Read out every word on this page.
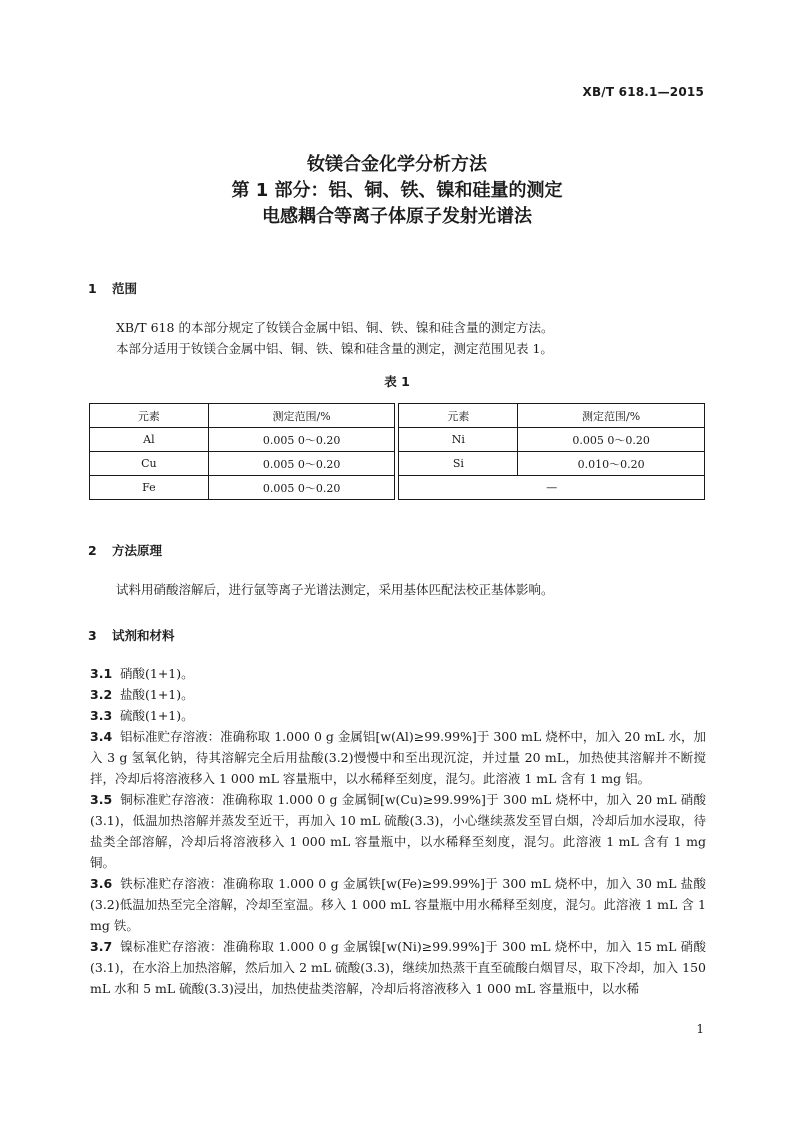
XB/T 618.1—2015

钕镁合金化学分析方法

第 1 部分：铝、铜、铁、镍和硅量的测定

电感耦合等离子体原子发射光谱法

1 范围
XB/T 618 的本部分规定了钕镁合金属中铝、铜、铁、镍和硅含量的测定方法。
本部分适用于钕镁合金属中铝、铜、铁、镍和硅含量的测定，测定范围见表 1。
表 1
元素	测定范围/%		元素	测定范围/%
Al	0.005 0～0.20		Ni	0.005 0～0.20
Cu	0.005 0～0.20		Si	0.010～0.20
Fe	0.005 0～0.20		—	
2 方法原理
试料用硝酸溶解后，进行氩等离子光谱法测定，采用基体匹配法校正基体影响。
3 试剂和材料

3.1 硝酸(1+1)。

3.2 盐酸(1+1)。

3.3 硫酸(1+1)。

3.4 铝标准贮存溶液：准确称取 1.000 0 g 金属铝[w(Al)≥99.99%]于 300 mL 烧杯中，加入 20 mL 水，加入 3 g 氢氧化钠，待其溶解完全后用盐酸(3.2)慢慢中和至出现沉淀，并过量 20 mL，加热使其溶解并不断搅拌，冷却后将溶液移入 1 000 mL 容量瓶中，以水稀释至刻度，混匀。此溶液 1 mL 含有 1 mg 铝。

3.5 铜标准贮存溶液：准确称取 1.000 0 g 金属铜[w(Cu)≥99.99%]于 300 mL 烧杯中，加入 20 mL 硝酸(3.1)，低温加热溶解并蒸发至近干，再加入 10 mL 硫酸(3.3)，小心继续蒸发至冒白烟，冷却后加水浸取，待盐类全部溶解，冷却后将溶液移入 1 000 mL 容量瓶中，以水稀释至刻度，混匀。此溶液 1 mL 含有 1 mg 铜。

3.6 铁标准贮存溶液：准确称取 1.000 0 g 金属铁[w(Fe)≥99.99%]于 300 mL 烧杯中，加入 30 mL 盐酸(3.2)低温加热至完全溶解，冷却至室温。移入 1 000 mL 容量瓶中用水稀释至刻度，混匀。此溶液 1 mL 含 1 mg 铁。

3.7 镍标准贮存溶液：准确称取 1.000 0 g 金属镍[w(Ni)≥99.99%]于 300 mL 烧杯中，加入 15 mL 硝酸(3.1)，在水浴上加热溶解，然后加入 2 mL 硫酸(3.3)，继续加热蒸干直至硫酸白烟冒尽，取下冷却，加入 150 mL 水和 5 mL 硫酸(3.3)浸出，加热使盐类溶解，冷却后将溶液移入 1 000 mL 容量瓶中，以水稀

1
